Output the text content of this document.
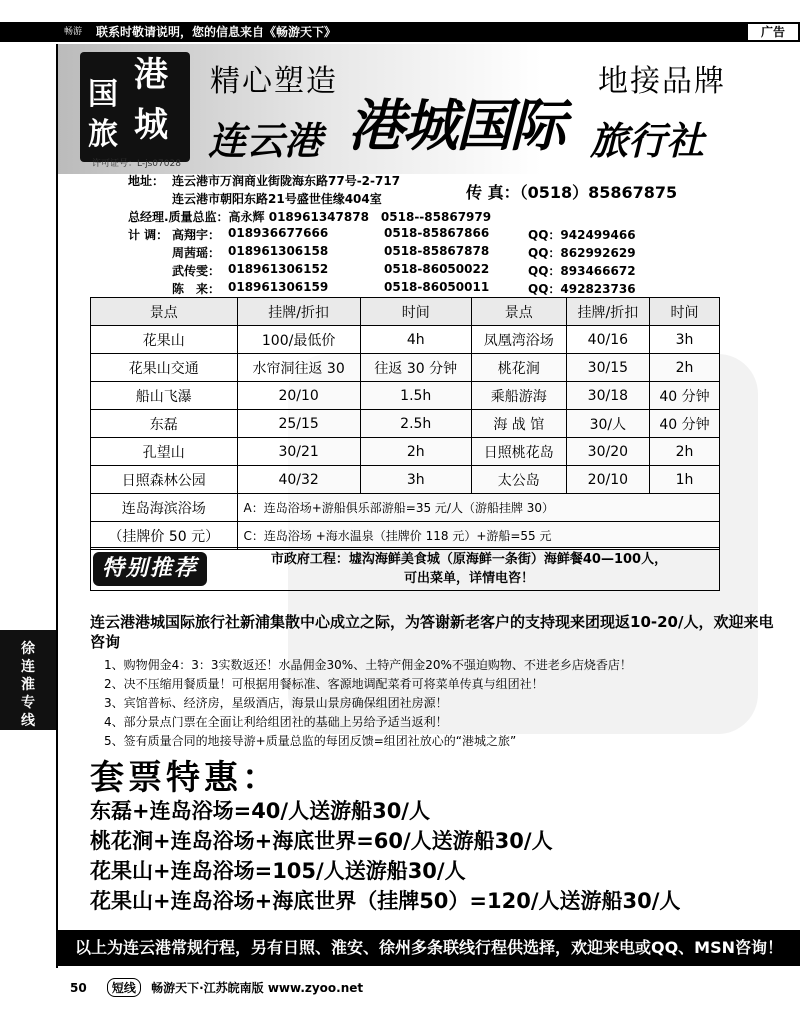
畅游	联系时敬请说明，您的信息来自《畅游天下》	广告
徐
连
淮
专
线
国 港
旅 城
许可证号：L-js07028
精心塑造	地接品牌
港城国际
连云港	旅行社
地址： 连云港市万润商业街陇海东路77号-2-717
连云港市朝阳东路21号盛世佳缘404室
总经理.质量总监：高永辉 018961347878　0518--85867979
计 调： 高翔宇： 018936677666	0518-85867866	QQ：942499466
周茜瑶： 018961306158	0518-85867878	QQ：862992629
武传雯： 018961306152	0518-86050022	QQ：893466672
陈　来： 018961306159	0518-86050011	QQ：492823736
传 真：（0518）85867875
景点	挂牌/折扣	时间	景点	挂牌/折扣	时间
花果山	100/最低价	4h	凤凰湾浴场	40/16	3h
花果山交通	水帘洞往返 30	往返 30 分钟	桃花涧	30/15	2h
船山飞瀑	20/10	1.5h	乘船游海	30/18	40 分钟
东磊	25/15	2.5h	海 战 馆	30/人	40 分钟
孔望山	30/21	2h	日照桃花岛	30/20	2h
日照森林公园	40/32	3h	太公岛	20/10	1h
连岛海滨浴场	A：连岛浴场+游船俱乐部游船=35 元/人（游船挂牌 30）				
（挂牌价 50 元）	C：连岛浴场 +海水温泉（挂牌价 118 元）+游船=55 元				
特别推荐	市政府工程：墟沟海鲜美食城（原海鲜一条街）海鲜餐40—100人，
可出菜单，详情电咨！
连云港港城国际旅行社新浦集散中心成立之际，为答谢新老客户的支持现来团现返10-20/人，欢迎来电咨询
1、购物佣金4：3：3实数返还！水晶佣金30%、土特产佣金20%不强迫购物、不进老乡店烧香店！
2、决不压缩用餐质量！可根据用餐标准、客源地调配菜肴可将菜单传真与组团社！
3、宾馆普标、经济房，星级酒店，海景山景房确保组团社房源！
4、部分景点门票在全面让利给组团社的基础上另给予适当返利！
5、签有质量合同的地接导游+质量总监的每团反馈=组团社放心的“港城之旅”
套票特惠：
东磊+连岛浴场=40/人送游船30/人
桃花涧+连岛浴场+海底世界=60/人送游船30/人
花果山+连岛浴场=105/人送游船30/人
花果山+连岛浴场+海底世界（挂牌50）=120/人送游船30/人
以上为连云港常规行程，另有日照、淮安、徐州多条联线行程供选择，欢迎来电或QQ、MSN咨询！
50 短线 畅游天下·江苏皖南版 www.zyoo.net
